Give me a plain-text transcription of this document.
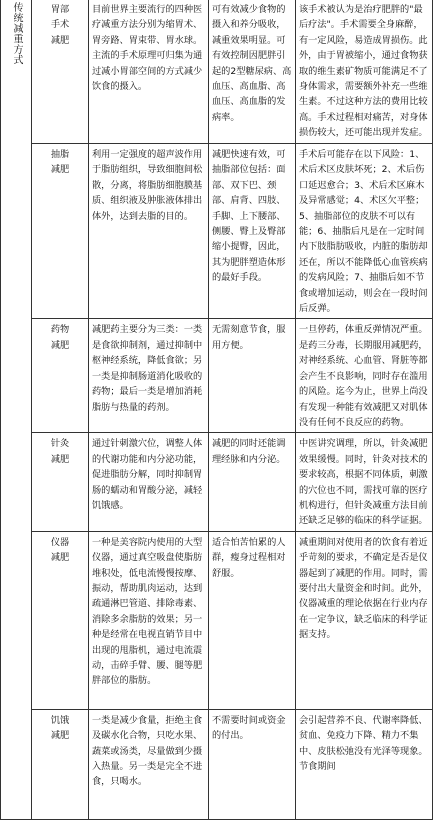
传统减重方式	胃部手术减肥	目前世界主要流行的四种医疗减重方法分别为缩胃术、胃旁路、胃束带、胃水球。主流的手术原理可归集为通过减小胃部空间的方式减少饮食的摄入。	可有效减少食物的摄入和养分吸收，减重效果明显。可有效控制因肥胖引起的2型糖尿病、高血压、高血脂、高血压、高血脂的发病率。	该手术被认为是治疗肥胖的"最后疗法"。手术需要全身麻醉，有一定风险，易造成胃损伤。此外，由于胃被缩小，通过食物获取的维生素矿物质可能满足不了身体需求，需要额外补充一些维生素。不过这种方法的费用比较高。手术过程相对痛苦，对身体损伤较大，还可能出现并发症。
	抽脂减肥	利用一定强度的超声波作用于脂肪组织，导致细胞间松散，分离，将脂肪细胞膜基质、组织液及肿胀液体排出体外，达到去脂的目的。	减肥快速有效，可抽脂部位包括：面部、双下巴、颈部、肩背、四肢、手脚、上下腰部、侧腰、臀上及臀部缩小提臀，因此，其为肥胖塑造体形的最好手段。	手术后可能存在以下风险：1、术后术区皮肤坏死；2、术后伤口延迟愈合；3、术后术区麻木及异常感觉；4、术区欠平整；5、抽脂部位的皮肤不可以有能；6、抽脂后凡是在一定时间内下肢脂肪吸收，内脏的脂肪却还在，所以不能降低心血管疾病的发病风险；7、抽脂后如不节食或增加运动，则会在一段时间后反弹。
	药物减肥	减肥药主要分为三类：一类是食欲抑制剂，通过抑制中枢神经系统，降低食欲；另一类是抑制肠道消化吸收的药物；最后一类是增加消耗脂肪与热量的药剂。	无需刻意节食，服用方便。	一旦停药，体重反弹情况严重。是药三分毒，长期服用减肥药，对神经系统、心血管、肾脏等都会产生不良影响，同时存在滥用的风险。迄今为止，世界上尚没有发现一种能有效减肥又对肌体没有任何不良反应的药物。
	针灸减肥	通过针刺激穴位，调整人体的代谢功能和内分泌功能，促进脂肪分解，同时抑制胃肠的蠕动和胃酸分泌，减轻饥饿感。	减肥的同时还能调理经脉和内分泌。	中医讲究调理，所以，针灸减肥效果缓慢。同时，针灸对技术的要求较高，根据不同体质，刺激的穴位也不同，需找可靠的医疗机构进行，但针灸减重方法目前还缺乏足够的临床的科学证据。
	仪器减肥	一种是美容院内使用的大型仪器，通过真空吸盘使脂肪堆积处，低电流慢慢按摩、振动，帮助肌肉运动，达到疏通淋巴管道、排除毒素、消除多余脂肪的效果；另一种是经常在电视直销节目中出现的甩脂机，通过电流震动，击碎手臂、腰、腿等肥胖部位的脂肪。	适合怕苦怕累的人群，瘦身过程相对舒服。	减重期间对使用者的饮食有着近乎苛刻的要求，不确定是否是仪器起到了减肥的作用。同时，需要付出大量资金和时间。此外，仪器减重的理论依据在行业内存在一定争议，缺乏临床的科学证据支持。
	饥饿减肥	一类是减少食量，拒绝主食及碳水化合物，只吃水果、蔬菜或汤类，尽量做到少摄入热量。另一类是完全不进食，只喝水。	不需要时间或资金的付出。	会引起营养不良、代谢率降低、贫血、免疫力下降、精力不集中、皮肤松弛没有光泽等现象。节食期间
